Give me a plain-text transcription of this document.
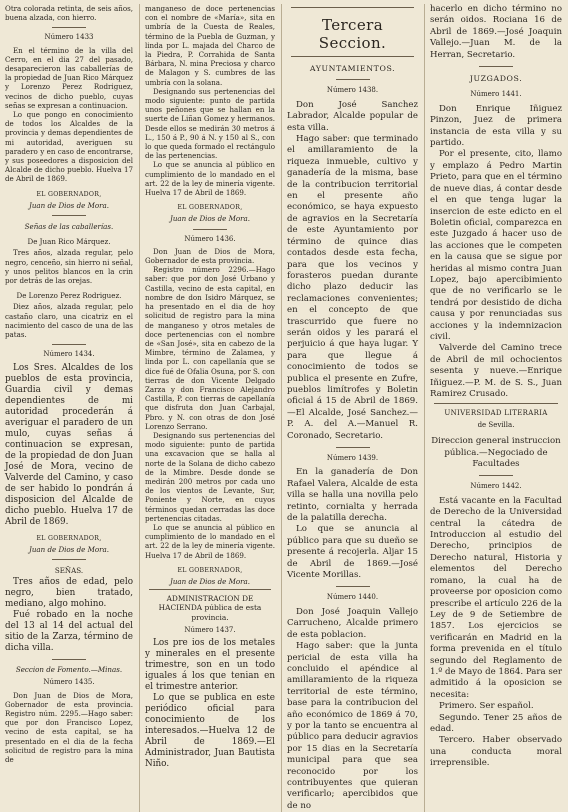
Otra colorada retinta, de seis años, buena alzada, con hierro.

Número 1433

En el término de la villa del Cerro, en el dia 27 del pasado, desaparecieron las caballerías de la propiedad de Juan Rico Márquez y Lorenzo Perez Rodriguez, vecinos de dicho pueblo, cuyas señas se expresan a continuacion.

Lo que pongo en conocimiento de todos los Alcaldes de la provincia y demas dependientes de mi autoridad, averiguen su paradero y en caso de encontrarse, y sus poseedores a disposicion del Alcalde de dicho pueblo. Huelva 17 de Abril de 1869.

EL GOBERNADOR,
Juan de Dios de Mora.
Señas de las caballerías.
De Juan Rico Márquez.

Tres años, alzada regular, pelo negro, cenceño, sin hierro ni señal, y unos pelitos blancos en la crin por detrás de las orejas.

De Lorenzo Perez Rodriguez.

Diez años, alzada regular, pelo castaño claro, una cicatriz en el nacimiento del casco de una de las patas.

Número 1434.

Los Sres. Alcaldes de los pueblos de esta provincia, Guardia civil y demas dependientes de mi autoridad procederán á averiguar el paradero de un mulo, cuyas señas á continuacion se expresan, de la propiedad de don Juan José de Mora, vecino de Valverde del Camino, y caso de ser habido lo pondrán á disposicion del Alcalde de dicho pueblo. Huelva 17 de Abril de 1869.

EL GOBERNADOR,
Juan de Dios de Mora.
SEÑAS.

Tres años de edad, pelo negro, bien tratado, mediano, algo mohino.

Fué robado en la noche del 13 al 14 del actual del sitio de la Zarza, término de dicha villa.

Seccion de Fomento.—Minas.
Número 1435.

Don Juan de Dios de Mora, Gobernador de esta provincia. Registro núm. 2295.—Hago saber: que por don Francisco Lopez, vecino de esta capital, se ha presentado en el dia de la fecha solicitud de registro para la mina de

manganeso de doce pertenencias con el nombre de «María», sita en umbría de la Cuesta de Reales, término de la Puebla de Guzman, y linda por L. majada del Charco de la Piedra, P. Corrahida de Santa Bárbara, N. mina Preciosa y charco de Malagon y S. cumbres de las umbría con la solana.

Designando sus pertenencias del modo siguiente: punto de partida unos peñones que se hallan en la suerte de Liñan Gomez y hermanos. Desde ellos se medirán 30 metros á L., 150 á P., 90 á N. y 150 al S., con lo que queda formado el rectángulo de las pertenencias.

Lo que se anuncia al público en cumplimiento de lo mandado en el art. 22 de la ley de minería vigente. Huelva 17 de Abril de 1869.

EL GOBERNADOR,
Juan de Dios de Mora.
Número 1436.

Don Juan de Dios de Mora, Gobernador de esta provincia.

Registro número 2296.—Hago saber: que por don José Urbano y Castilla, vecino de esta capital, en nombre de don Isidro Márquez, se ha presentado en el dia de hoy solicitud de registro para la mina de manganeso y otros metales de doce pertenencias con el nombre de «San José», sita en cabezo de la Mimbre, término de Zalamea, y linda por L. con capellanía que se dice fué de Ofalia Osuna, por S. con tierras de don Vicente Delgado Zarza y don Francisco Alejandro Castilla, P. con tierras de capellanía que disfruta don Juan Carbajal, Pbro. y N. con otras de don José Lorenzo Serrano.

Designando sus pertenencias del modo siguiente: punto de partida una excavacion que se halla al norte de la Solana de dicho cabezo de la Mimbre. Desde donde se medirán 200 metros por cada uno de los vientos de Levante, Sur, Poniente y Norte, en cuyos términos quedan cerradas las doce pertenencias citadas.

Lo que se anuncia al público en cumplimiento de lo mandado en el art. 22 de la ley de minería vigente. Huelva 17 de Abril de 1869.

EL GOBERNADOR,
Juan de Dios de Mora.
ADMINISTRACION DE HACIENDA pública de esta provincia.
Número 1437.

Los pre ios de los metales y minerales en el presente trimestre, son en un todo iguales á los que tenian en el trimestre anterior.

Lo que se publica en este periódico oficial para conocimiento de los interesados.—Huelva 12 de Abril de 1869.—El Administrador, Juan Bautista Niño.

Tercera Seccion.
AYUNTAMIENTOS.
Número 1438.

Don José Sanchez Labrador, Alcalde popular de esta villa.

Hago saber: que terminado el amillaramiento de la riqueza inmueble, cultivo y ganadería de la misma, base de la contribucion territorial en el presente año económico, se haya expuesto de agravios en la Secretaría de este Ayuntamiento por término de quince dias contados desde esta fecha, para que los vecinos y forasteros puedan durante dicho plazo deducir las reclamaciones convenientes; en el concepto de que trascurrido que fuere no serán oidos y les parará el perjuicio á que haya lugar. Y para que llegue á conocimiento de todos se publica el presente en Zufre, pueblos limítrofes y Boletin oficial á 15 de Abril de 1869.—El Alcalde, José Sanchez.—P. A. del A.—Manuel R. Coronado, Secretario.

Número 1439.

En la ganadería de Don Rafael Valera, Alcalde de esta villa se halla una novilla pelo retinto, cornialta y herrada de la palatilla derecha.

Lo que se anuncia al público para que su dueño se presente á recojerla. Aljar 15 de Abril de 1869.—José Vicente Morillas.

Número 1440.

Don José Joaquin Vallejo Carrucheno, Alcalde primero de esta poblacion.

Hago saber: que la junta pericial de esta villa ha concluido el apéndice al amillaramiento de la riqueza territorial de este término, base para la contribucion del año económico de 1869 á 70, y por la tanto se encuentra al público para deducir agravios por 15 dias en la Secretaría municipal para que sea reconocido por los contribuyentes que quieran verificarlo; apercibidos que de no

hacerlo en dicho término no serán oidos. Rociana 16 de Abril de 1869.—José Joaquin Vallejo.—Juan M. de la Herran, Secretario.

JUZGADOS.
Número 1441.

Don Enrique Iñiguez Pinzon, Juez de primera instancia de esta villa y su partido.

Por el presente, cito, llamo y emplazo á Pedro Martin Prieto, para que en el término de nueve dias, á contar desde el en que tenga lugar la insercion de este edicto en el Boletin oficial, comparezca en este Juzgado á hacer uso de las acciones que le competen en la causa que se sigue por heridas al mismo contra Juan Lopez, bajo apercibimiento que de no verificarlo se le tendrá por desistido de dicha causa y por renunciadas sus acciones y la indemnizacion civil.

Valverde del Camino trece de Abril de mil ochocientos sesenta y nueve.—Enrique Iñiguez.—P. M. de S. S., Juan Ramirez Crusado.

UNIVERSIDAD LITERARIA
de Sevilla.

Direccion general instruccion pública.—Negociado de Facultades

Número 1442.

Está vacante en la Facultad de Derecho de la Universidad central la cátedra de Introduccion al estudio del Derecho, principios de Derecho natural, Historia y elementos del Derecho romano, la cual ha de proveerse por oposicion como prescribe el artículo 226 de la Ley de 9 de Setiembre de 1857. Los ejercicios se verificarán en Madrid en la forma prevenida en el título segundo del Reglamento de 1.º de Mayo de 1864. Para ser admitido á la oposicion se necesita:

Primero. Ser español.

Segundo. Tener 25 años de edad.

Tercero. Haber observado una conducta moral irreprensible.
